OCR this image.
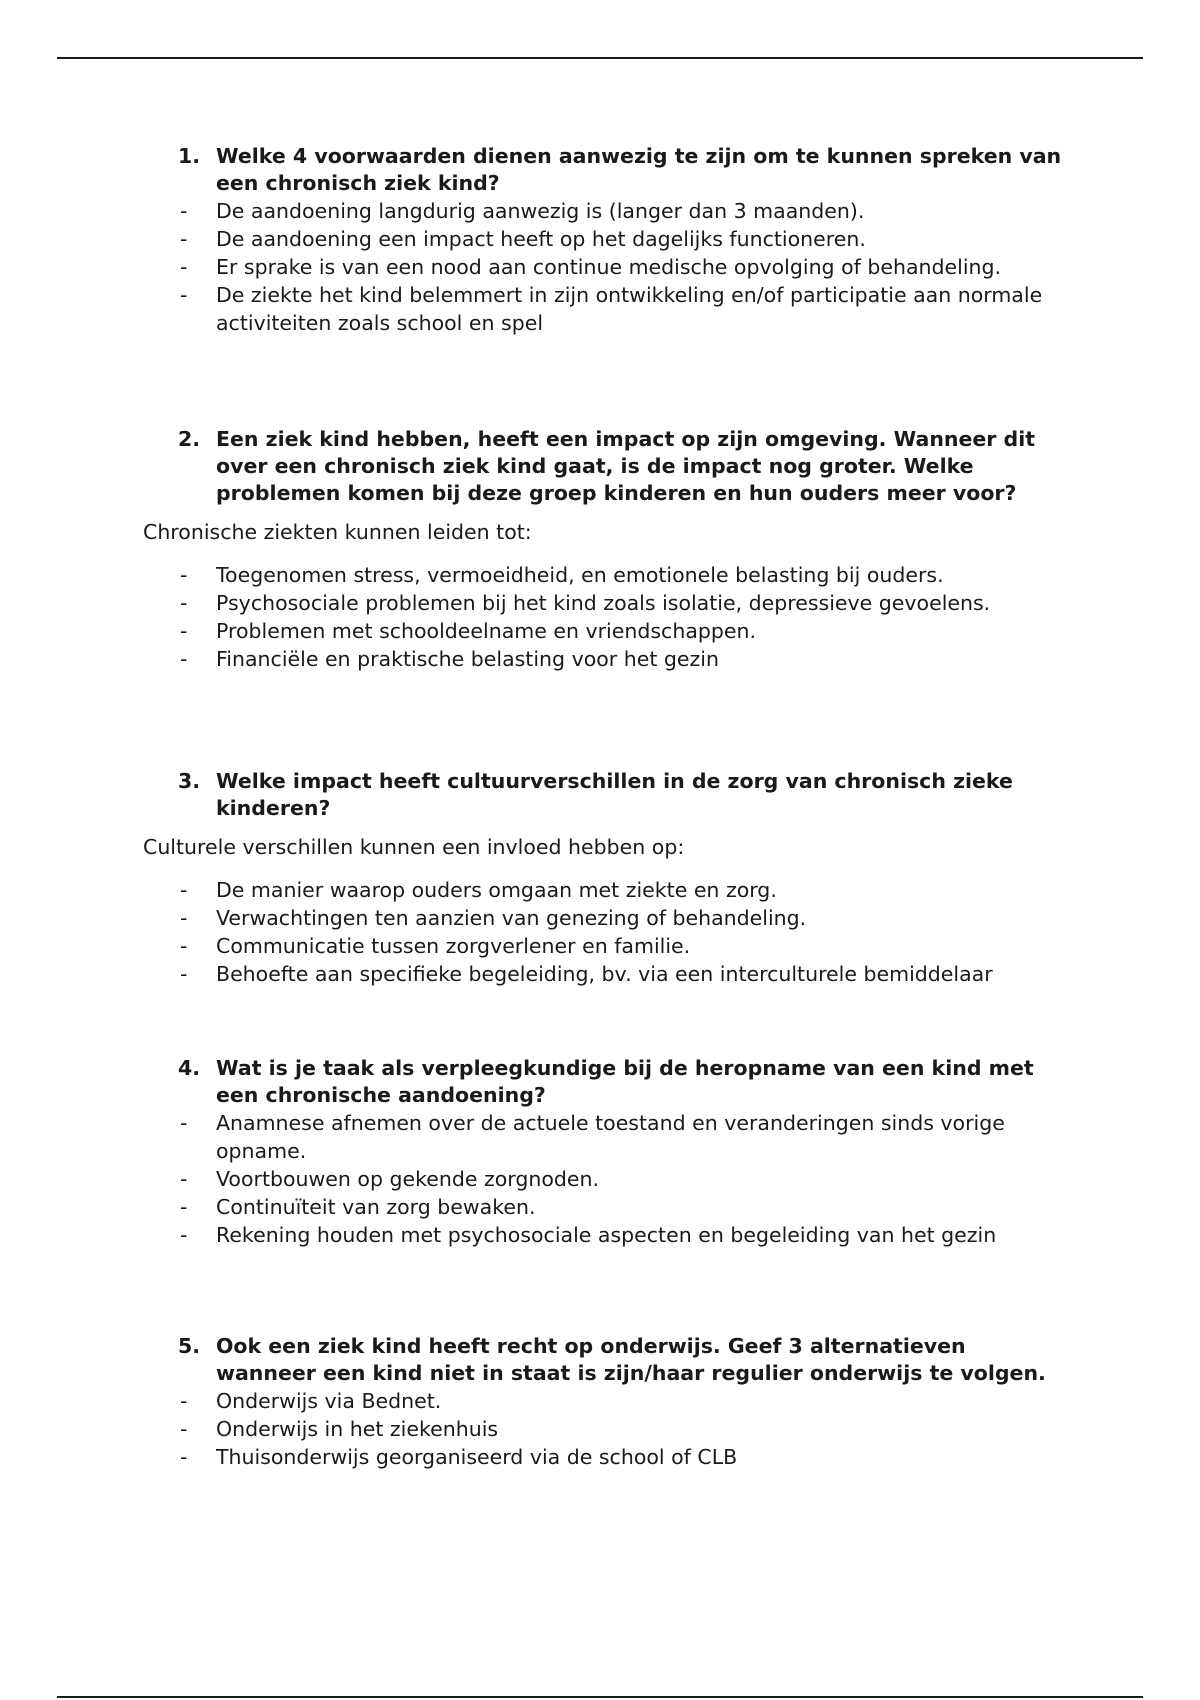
1. Welke 4 voorwaarden dienen aanwezig te zijn om te kunnen spreken van een chronisch ziek kind?
- De aandoening langdurig aanwezig is (langer dan 3 maanden).
- De aandoening een impact heeft op het dagelijks functioneren.
- Er sprake is van een nood aan continue medische opvolging of behandeling.
- De ziekte het kind belemmert in zijn ontwikkeling en/of participatie aan normale activiteiten zoals school en spel
2. Een ziek kind hebben, heeft een impact op zijn omgeving. Wanneer dit over een chronisch ziek kind gaat, is de impact nog groter. Welke problemen komen bij deze groep kinderen en hun ouders meer voor?
Chronische ziekten kunnen leiden tot:
- Toegenomen stress, vermoeidheid, en emotionele belasting bij ouders.
- Psychosociale problemen bij het kind zoals isolatie, depressieve gevoelens.
- Problemen met schooldeelname en vriendschappen.
- Financiële en praktische belasting voor het gezin
3. Welke impact heeft cultuurverschillen in de zorg van chronisch zieke kinderen?
Culturele verschillen kunnen een invloed hebben op:
- De manier waarop ouders omgaan met ziekte en zorg.
- Verwachtingen ten aanzien van genezing of behandeling.
- Communicatie tussen zorgverlener en familie.
- Behoefte aan specifieke begeleiding, bv. via een interculturele bemiddelaar
4. Wat is je taak als verpleegkundige bij de heropname van een kind met een chronische aandoening?
- Anamnese afnemen over de actuele toestand en veranderingen sinds vorige opname.
- Voortbouwen op gekende zorgnoden.
- Continuïteit van zorg bewaken.
- Rekening houden met psychosociale aspecten en begeleiding van het gezin
5. Ook een ziek kind heeft recht op onderwijs. Geef 3 alternatieven wanneer een kind niet in staat is zijn/haar regulier onderwijs te volgen.
- Onderwijs via Bednet.
- Onderwijs in het ziekenhuis
- Thuisonderwijs georganiseerd via de school of CLB
